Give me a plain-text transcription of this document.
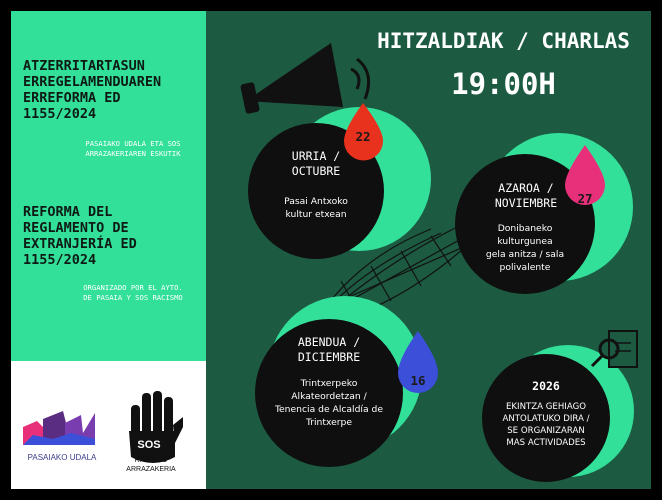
ATZERRITARTASUN
ERREGELAMENDUAREN
ERREFORMA ED
1155/2024
PASAIAKO UDALA ETA SOS
ARRAZAKERIAREN ESKUTIK
REFORMA DEL
REGLAMENTO DE
EXTRANJERÍA ED
1155/2024
ORGANIZADO POR EL AYTO.
DE PASAIA Y SOS RACISMO
PASAIAKO UDALA
SOS
RACISMO
ARRAZAKERIA
HITZALDIAK / CHARLAS
19:00H
22
URRIA /
OCTUBRE
Pasai Antxoko
kultur etxean
27
AZAROA /
NOVIEMBRE
Donibaneko
kulturgunea
gela anitza / sala
polivalente
16
ABENDUA /
DICIEMBRE
Trintxerpeko
Alkateordetzan /
Tenencia de Alcaldía de
Trintxerpe
2026
EKINTZA GEHIAGO
ANTOLATUKO DIRA /
SE ORGANIZARAN
MAS ACTIVIDADES
